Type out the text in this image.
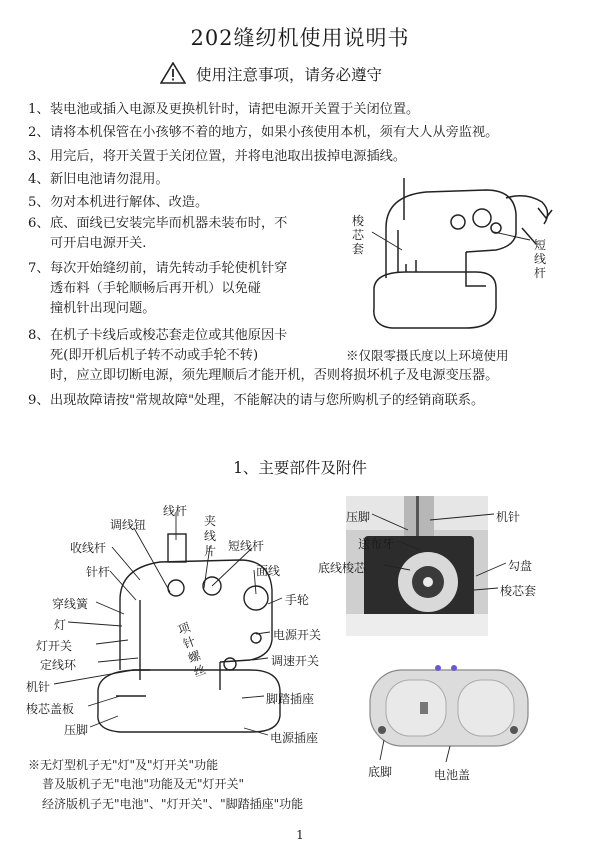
202缝纫机使用说明书
使用注意事项，请务必遵守
1、装电池或插入电源及更换机针时，请把电源开关置于关闭位置。
2、请将本机保管在小孩够不着的地方，如果小孩使用本机，须有大人从旁监视。
3、用完后，将开关置于关闭位置，并将电池取出拔掉电源插线。
4、新旧电池请勿混用。
5、勿对本机进行解体、改造。
6、底、面线已安装完毕而机器未装布时，不
可开启电源开关.
7、每次开始缝纫前，请先转动手轮使机针穿
透布料（手轮顺畅后再开机）以免碰
撞机针出现问题。
8、在机子卡线后或梭芯套走位或其他原因卡
死(即开机后机子转不动或手轮不转)
时，应立即切断电源，须先理顺后才能开机，否则将损坏机子及电源变压器。
9、出现故障请按"常规故障"处理，不能解决的请与您所购机子的经销商联系。
梭芯套	短线杆
※仅限零摄氏度以上环境使用
1、主要部件及附件
线杆
调线钮	夹线片
收线杆	短线杆
针杆	面线
穿线簧	手轮
灯	项针螺丝
灯开关
电源开关
定线环	调速开关
机针
梭芯盖板
脚踏插座
压脚
电源插座
压脚	机针
送布牙
勾盘
底线梭芯
梭芯套
底脚	电池盖
※无灯型机子无"灯"及"灯开关"功能
普及版机子无"电池"功能及无"灯开关"
经济版机子无"电池"、"灯开关"、"脚踏插座"功能
1
